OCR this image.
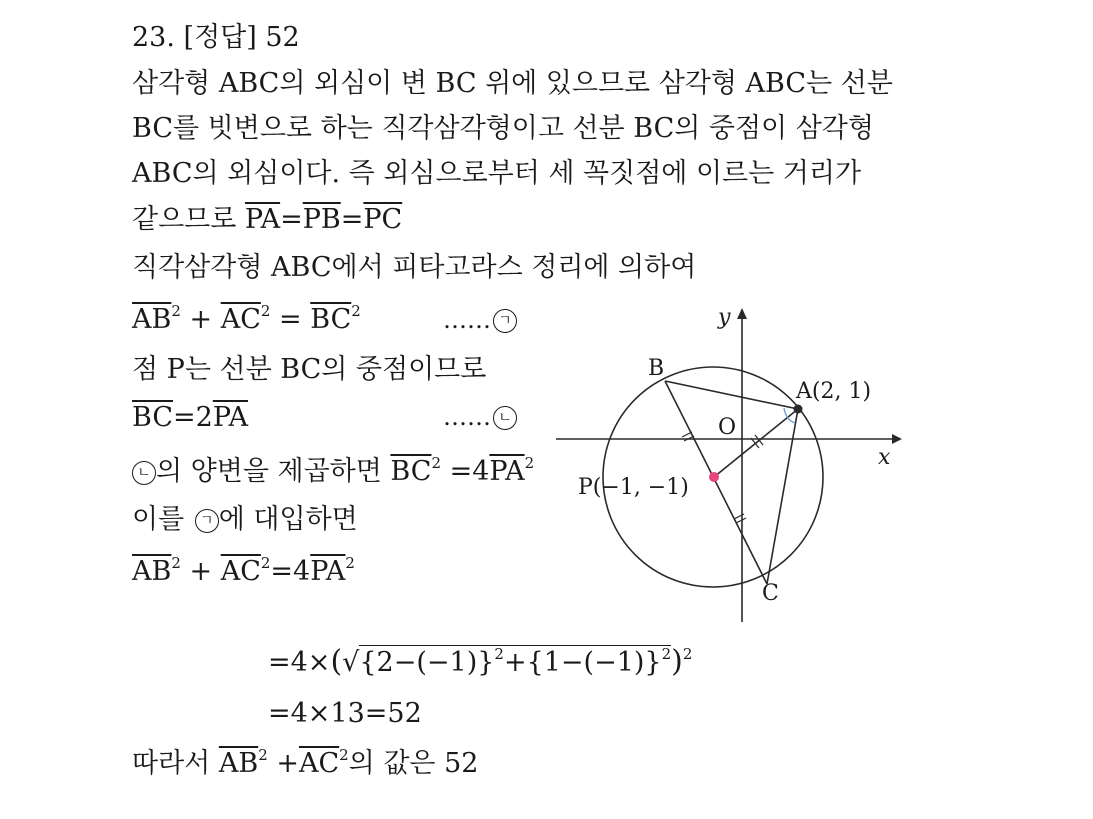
23. [정답] 52
삼각형 ABC의 외심이 변 BC 위에 있으므로 삼각형 ABC는 선분
BC를 빗변으로 하는 직각삼각형이고 선분 BC의 중점이 삼각형
ABC의 외심이다. 즉 외심으로부터 세 꼭짓점에 이르는 거리가
같으므로 $\overline{PA}=\overline{PB}=\overline{PC}$
직각삼각형 ABC에서 피타고라스 정리에 의하여
$\overline{AB}^2 + \overline{AC}^2 = \overline{BC}^2$	…… ㄱ
점 P는 선분 BC의 중점이므로
$\overline{BC}=2\overline{PA}$	…… ㄴ
ㄴ 의 양변을 제곱하면 $\overline{BC}^2 =4\overline{PA}^2$
이를 ㄱ 에 대입하면
$\overline{AB}^2 + \overline{AC}^2=4\overline{PA}^2$
$=4\times(√\{2-(-1)\}^2+\{1-(-1)\}^2)^2$
=4×13=52
따라서 $\overline{AB}^2 +\overline{AC}^2$의 값은 52
y
x
O
A(2, 1)
B
C
P(−1, −1)
